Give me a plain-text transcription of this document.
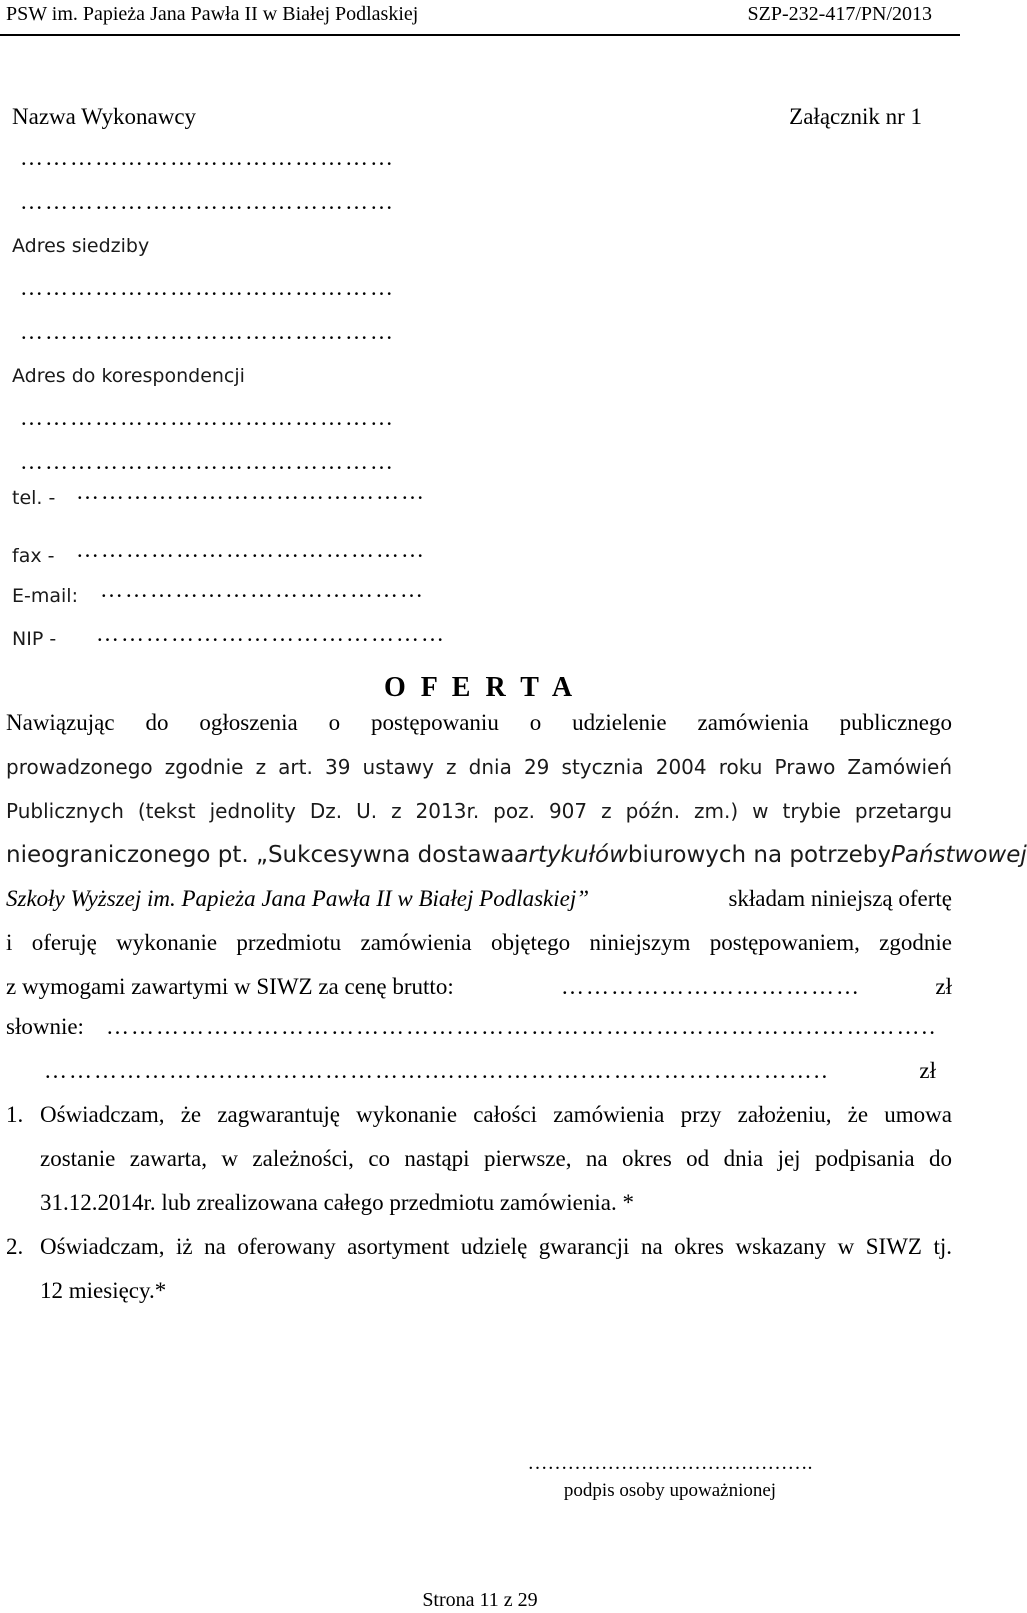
PSW im. Papieża Jana Pawła II w Białej Podlaskiej	SZP-232-417/PN/2013
Nazwa Wykonawcy	Załącznik nr 1
………………………………………
………………………………………
Adres siedziby
………………………………………
………………………………………
Adres do korespondencji
………………………………………
………………………………………
tel. - ……………………………………
fax - ……………………………………
E-mail: …………………………………
NIP - ……………………………………
O F E R T A
Nawiązując do ogłoszenia o postępowaniu o udzielenie zamówienia publicznego
prowadzonego zgodnie z art. 39 ustawy z dnia 29 stycznia 2004 roku Prawo Zamówień
Publicznych (tekst jednolity Dz. U. z 2013r. poz. 907 z późn. zm.) w trybie przetargu
nieograniczonego pt. „Sukcesywna dostawa artykułów biurowych na potrzeby Państwowej
Szkoły Wyższej im. Papieża Jana Pawła II w Białej Podlaskiej”	składam niniejszą ofertę
i oferuję wykonanie przedmiotu zamówienia objętego niniejszym postępowaniem, zgodnie
z wymogami zawartymi w SIWZ za cenę brutto:	………………………………	zł
słownie: …………………………………………………………………………..…………..
…………………..…..………………....…………….………………………..	zł
1. Oświadczam, że zagwarantuję wykonanie całości zamówienia przy założeniu, że umowa
zostanie zawarta, w zależności, co nastąpi pierwsze, na okres od dnia jej podpisania do
31.12.2014r. lub zrealizowana całego przedmiotu zamówienia. *
2. Oświadczam, iż na oferowany asortyment udzielę gwarancji na okres wskazany w SIWZ tj.
12 miesięcy.*
…………………………………….
podpis osoby upoważnionej
Strona 11 z 29
